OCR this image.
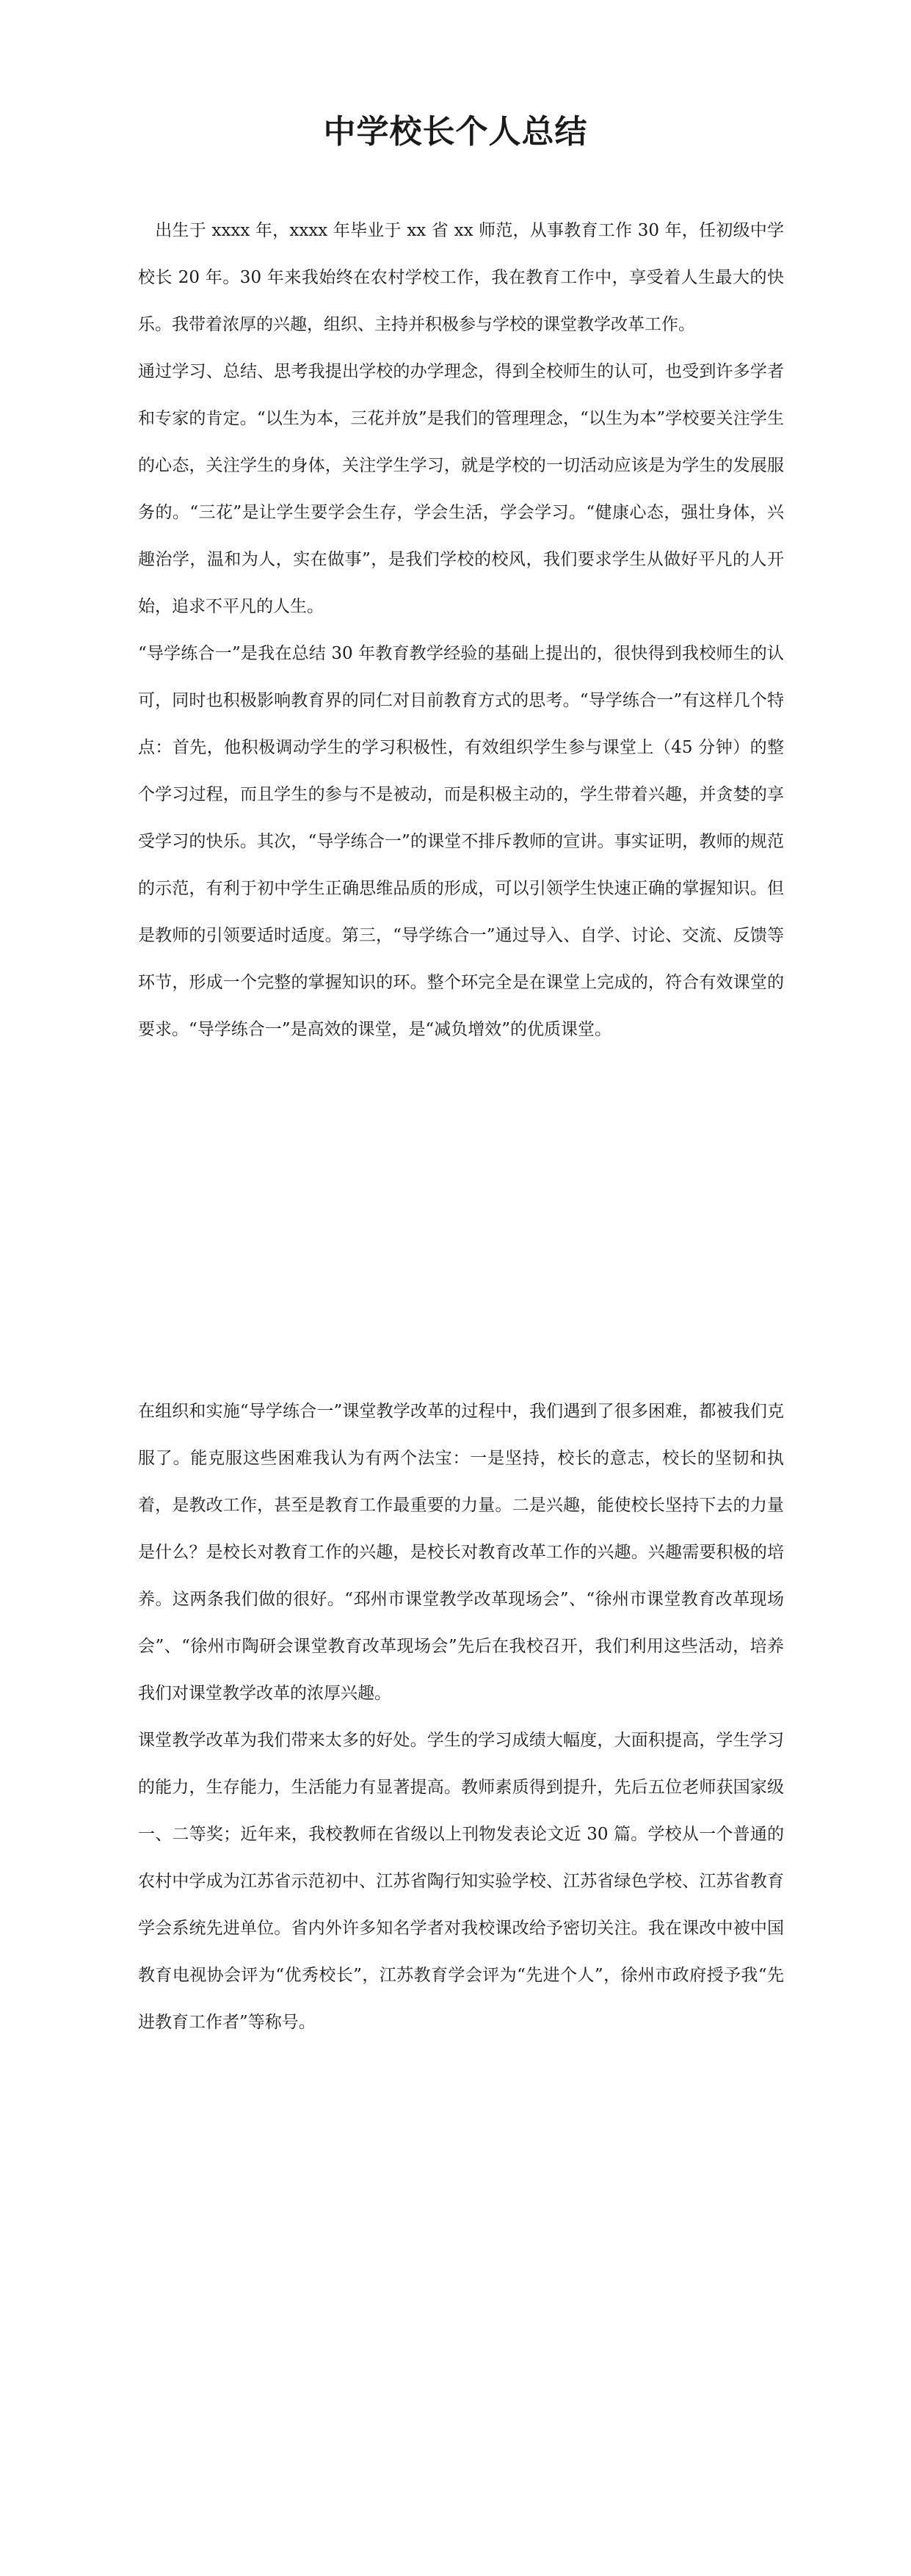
中学校长个人总结

　出生于 xxxx 年，xxxx 年毕业于 xx 省 xx 师范，从事教育工作 30 年，任初级中学校长 20 年。30 年来我始终在农村学校工作，我在教育工作中，享受着人生最大的快乐。我带着浓厚的兴趣，组织、主持并积极参与学校的课堂教学改革工作。

通过学习、总结、思考我提出学校的办学理念，得到全校师生的认可，也受到许多学者和专家的肯定。“以生为本，三花并放”是我们的管理理念，“以生为本”学校要关注学生的心态，关注学生的身体，关注学生学习，就是学校的一切活动应该是为学生的发展服务的。“三花”是让学生要学会生存，学会生活，学会学习。“健康心态，强壮身体，兴趣治学，温和为人，实在做事”，是我们学校的校风，我们要求学生从做好平凡的人开始，追求不平凡的人生。

“导学练合一”是我在总结 30 年教育教学经验的基础上提出的，很快得到我校师生的认可，同时也积极影响教育界的同仁对目前教育方式的思考。“导学练合一”有这样几个特点：首先，他积极调动学生的学习积极性，有效组织学生参与课堂上（45 分钟）的整个学习过程，而且学生的参与不是被动，而是积极主动的，学生带着兴趣，并贪婪的享受学习的快乐。其次，“导学练合一”的课堂不排斥教师的宣讲。事实证明，教师的规范的示范，有利于初中学生正确思维品质的形成，可以引领学生快速正确的掌握知识。但是教师的引领要适时适度。第三，“导学练合一”通过导入、自学、讨论、交流、反馈等环节，形成一个完整的掌握知识的环。整个环完全是在课堂上完成的，符合有效课堂的要求。“导学练合一”是高效的课堂，是“减负增效”的优质课堂。

在组织和实施“导学练合一”课堂教学改革的过程中，我们遇到了很多困难，都被我们克服了。能克服这些困难我认为有两个法宝：一是坚持，校长的意志，校长的坚韧和执着，是教改工作，甚至是教育工作最重要的力量。二是兴趣，能使校长坚持下去的力量是什么？是校长对教育工作的兴趣，是校长对教育改革工作的兴趣。兴趣需要积极的培养。这两条我们做的很好。“邳州市课堂教学改革现场会”、“徐州市课堂教育改革现场会”、“徐州市陶研会课堂教育改革现场会”先后在我校召开，我们利用这些活动，培养我们对课堂教学改革的浓厚兴趣。

课堂教学改革为我们带来太多的好处。学生的学习成绩大幅度，大面积提高，学生学习的能力，生存能力，生活能力有显著提高。教师素质得到提升，先后五位老师获国家级一、二等奖；近年来，我校教师在省级以上刊物发表论文近 30 篇。学校从一个普通的农村中学成为江苏省示范初中、江苏省陶行知实验学校、江苏省绿色学校、江苏省教育学会系统先进单位。省内外许多知名学者对我校课改给予密切关注。我在课改中被中国教育电视协会评为“优秀校长”，江苏教育学会评为“先进个人”，徐州市政府授予我“先进教育工作者”等称号。
